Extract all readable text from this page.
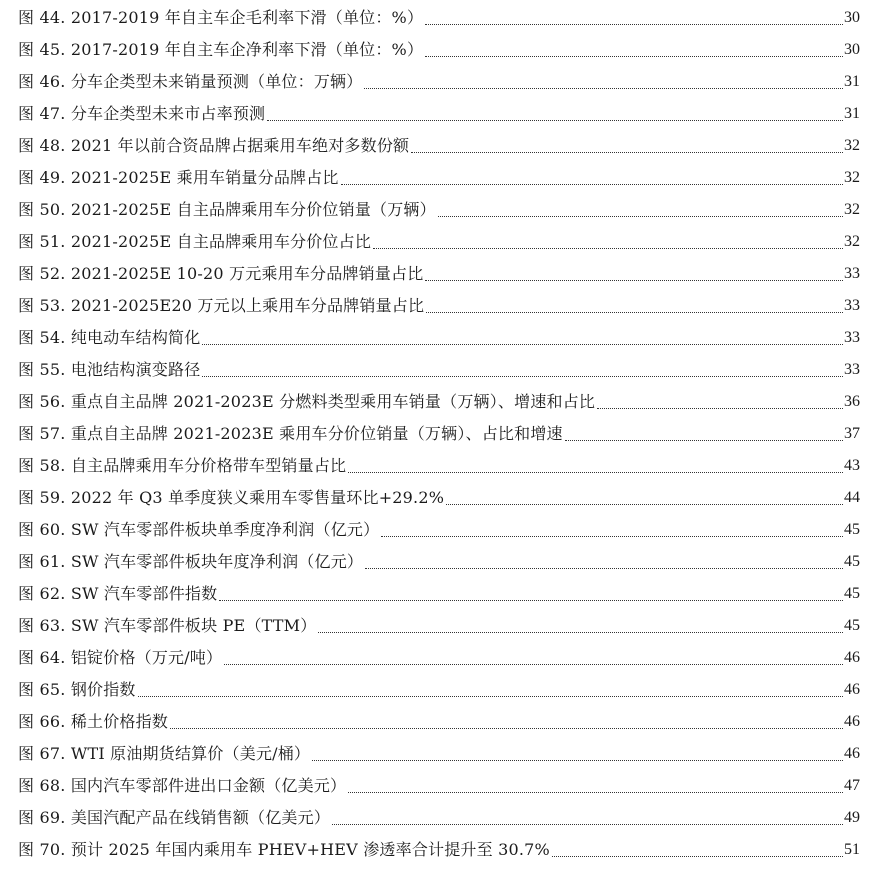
图 44. 2017-2019 年自主车企毛利率下滑（单位：%）	30
图 45. 2017-2019 年自主车企净利率下滑（单位：%）	30
图 46. 分车企类型未来销量预测（单位：万辆）	31
图 47. 分车企类型未来市占率预测	31
图 48. 2021 年以前合资品牌占据乘用车绝对多数份额	32
图 49. 2021-2025E 乘用车销量分品牌占比	32
图 50. 2021-2025E 自主品牌乘用车分价位销量（万辆）	32
图 51. 2021-2025E 自主品牌乘用车分价位占比	32
图 52. 2021-2025E 10-20 万元乘用车分品牌销量占比	33
图 53. 2021-2025E20 万元以上乘用车分品牌销量占比	33
图 54. 纯电动车结构简化	33
图 55. 电池结构演变路径	33
图 56. 重点自主品牌 2021-2023E 分燃料类型乘用车销量（万辆）、增速和占比	36
图 57. 重点自主品牌 2021-2023E 乘用车分价位销量（万辆）、占比和增速	37
图 58. 自主品牌乘用车分价格带车型销量占比	43
图 59. 2022 年 Q3 单季度狭义乘用车零售量环比+29.2%	44
图 60. SW 汽车零部件板块单季度净利润（亿元）	45
图 61. SW 汽车零部件板块年度净利润（亿元）	45
图 62. SW 汽车零部件指数	45
图 63. SW 汽车零部件板块 PE（TTM）	45
图 64. 铝锭价格（万元/吨）	46
图 65. 钢价指数	46
图 66. 稀土价格指数	46
图 67. WTI 原油期货结算价（美元/桶）	46
图 68. 国内汽车零部件进出口金额（亿美元）	47
图 69. 美国汽配产品在线销售额（亿美元）	49
图 70. 预计 2025 年国内乘用车 PHEV+HEV 渗透率合计提升至 30.7%	51
